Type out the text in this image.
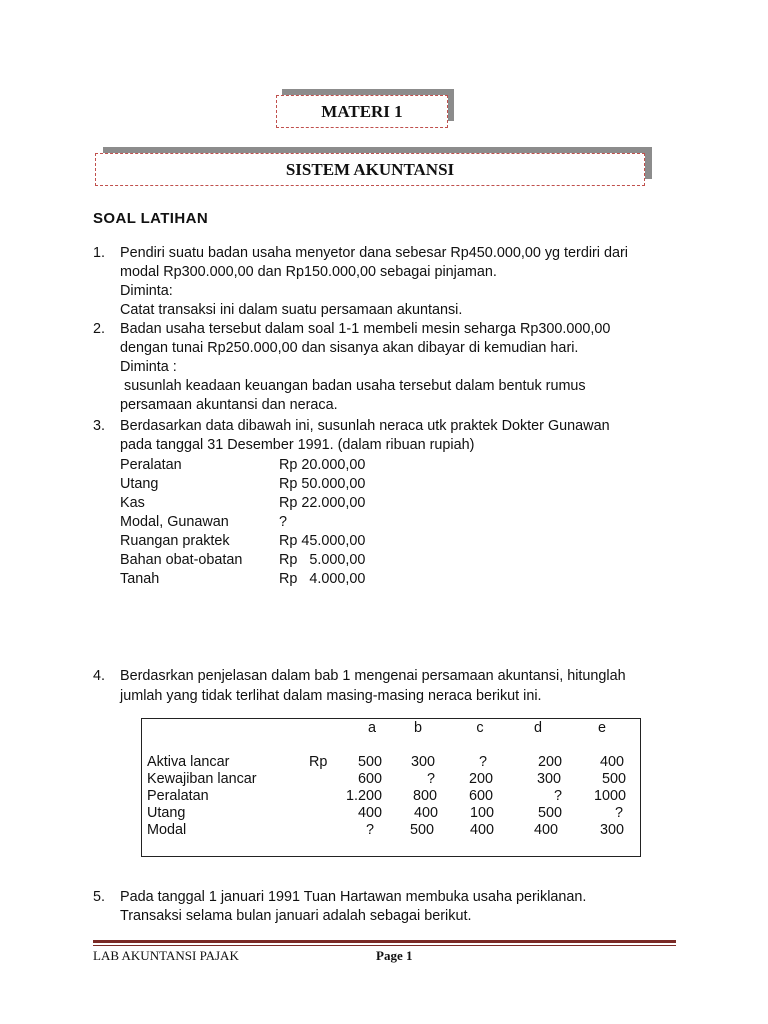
MATERI 1
SISTEM AKUNTANSI
SOAL LATIHAN
1. Pendiri suatu badan usaha menyetor dana sebesar Rp450.000,00 yg terdiri dari
modal Rp300.000,00 dan Rp150.000,00 sebagai pinjaman.
Diminta:
Catat transaksi ini dalam suatu persamaan akuntansi.
2. Badan usaha tersebut dalam soal 1-1 membeli mesin seharga Rp300.000,00
dengan tunai Rp250.000,00 dan sisanya akan dibayar di kemudian hari.
Diminta :
susunlah keadaan keuangan badan usaha tersebut dalam bentuk rumus
persamaan akuntansi dan neraca.
3. Berdasarkan data dibawah ini, susunlah neraca utk praktek Dokter Gunawan
pada tanggal 31 Desember 1991. (dalam ribuan rupiah)
Peralatan	Rp 20.000,00
Utang	Rp 50.000,00
Kas	Rp 22.000,00
Modal, Gunawan	?
Ruangan praktek	Rp 45.000,00
Bahan obat-obatan	Rp   5.000,00
Tanah	Rp   4.000,00
4. Berdasrkan penjelasan dalam bab 1 mengenai persamaan akuntansi, hitunglah
jumlah yang tidak terlihat dalam masing-masing neraca berikut ini.
a	b	c	d	e
Aktiva lancar	Rp	500	300	?	200	400
Kewajiban lancar	600	?	200	300	500
Peralatan	1.200	800	600	?	1000
Utang	400	400	100	500	?
Modal	?	500	400	400	300
5. Pada tanggal 1 januari 1991 Tuan Hartawan membuka usaha periklanan.
Transaksi selama bulan januari adalah sebagai berikut.
LAB AKUNTANSI PAJAK	Page 1
